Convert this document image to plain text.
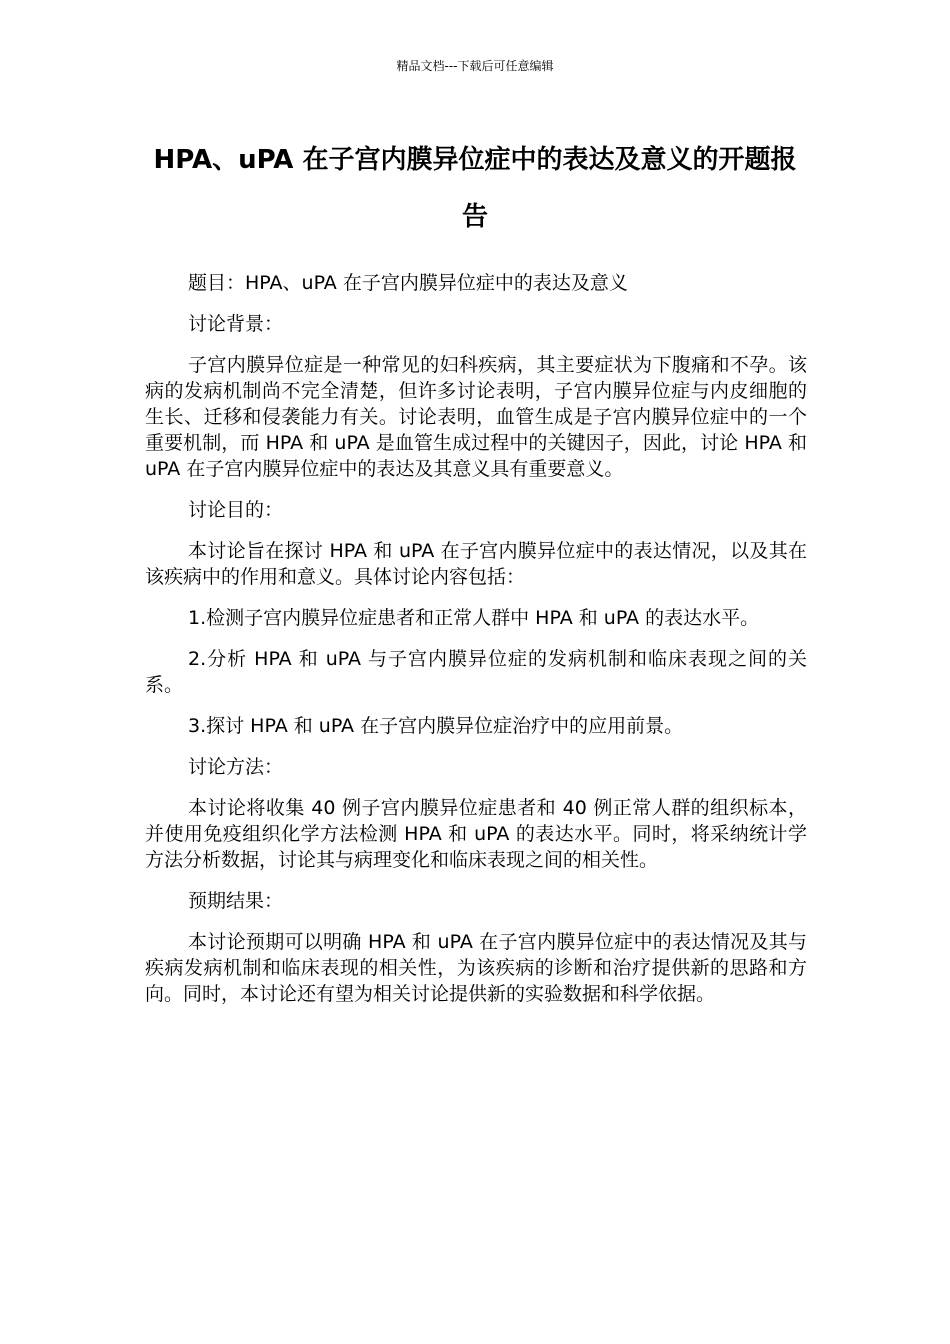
精品文档---下载后可任意编辑
HPA、uPA 在子宫内膜异位症中的表达及意义的开题报告

题目：HPA、uPA 在子宫内膜异位症中的表达及意义

讨论背景：

子宫内膜异位症是一种常见的妇科疾病，其主要症状为下腹痛和不孕。该病的发病机制尚不完全清楚，但许多讨论表明，子宫内膜异位症与内皮细胞的生长、迁移和侵袭能力有关。讨论表明，血管生成是子宫内膜异位症中的一个重要机制，而 HPA 和 uPA 是血管生成过程中的关键因子，因此，讨论 HPA 和 uPA 在子宫内膜异位症中的表达及其意义具有重要意义。

讨论目的：

本讨论旨在探讨 HPA 和 uPA 在子宫内膜异位症中的表达情况，以及其在该疾病中的作用和意义。具体讨论内容包括：

1.检测子宫内膜异位症患者和正常人群中 HPA 和 uPA 的表达水平。

2.分析 HPA 和 uPA 与子宫内膜异位症的发病机制和临床表现之间的关系。

3.探讨 HPA 和 uPA 在子宫内膜异位症治疗中的应用前景。

讨论方法：

本讨论将收集 40 例子宫内膜异位症患者和 40 例正常人群的组织标本，并使用免疫组织化学方法检测 HPA 和 uPA 的表达水平。同时，将采纳统计学方法分析数据，讨论其与病理变化和临床表现之间的相关性。

预期结果：

本讨论预期可以明确 HPA 和 uPA 在子宫内膜异位症中的表达情况及其与疾病发病机制和临床表现的相关性，为该疾病的诊断和治疗提供新的思路和方向。同时，本讨论还有望为相关讨论提供新的实验数据和科学依据。
